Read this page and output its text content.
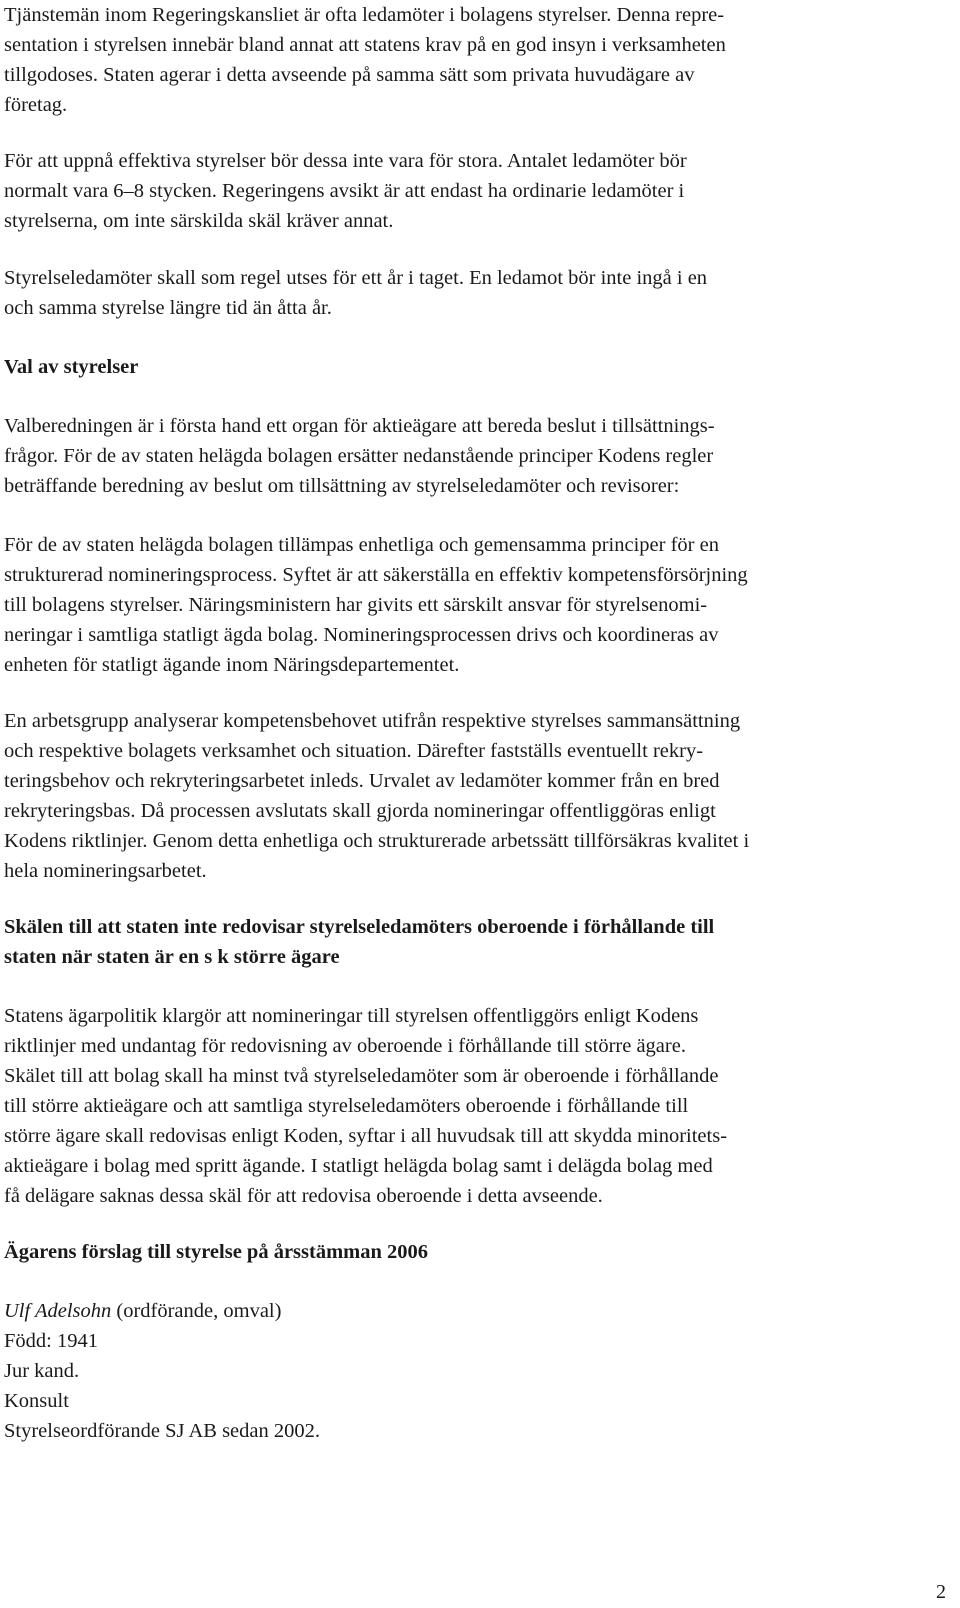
Tjänstemän inom Regeringskansliet är ofta ledamöter i bolagens styrelser. Denna repre-
sentation i styrelsen innebär bland annat att statens krav på en god insyn i verksamheten
tillgodoses. Staten agerar i detta avseende på samma sätt som privata huvudägare av
företag.
För att uppnå effektiva styrelser bör dessa inte vara för stora. Antalet ledamöter bör
normalt vara 6–8 stycken. Regeringens avsikt är att endast ha ordinarie ledamöter i
styrelserna, om inte särskilda skäl kräver annat.
Styrelseledamöter skall som regel utses för ett år i taget. En ledamot bör inte ingå i en
och samma styrelse längre tid än åtta år.
Val av styrelser
Valberedningen är i första hand ett organ för aktieägare att bereda beslut i tillsättnings-
frågor. För de av staten helägda bolagen ersätter nedanstående principer Kodens regler
beträffande beredning av beslut om tillsättning av styrelseledamöter och revisorer:
För de av staten helägda bolagen tillämpas enhetliga och gemensamma principer för en
strukturerad nomineringsprocess. Syftet är att säkerställa en effektiv kompetensförsörjning
till bolagens styrelser. Näringsministern har givits ett särskilt ansvar för styrelsenomi-
neringar i samtliga statligt ägda bolag. Nomineringsprocessen drivs och koordineras av
enheten för statligt ägande inom Näringsdepartementet.
En arbetsgrupp analyserar kompetensbehovet utifrån respektive styrelses sammansättning
och respektive bolagets verksamhet och situation. Därefter fastställs eventuellt rekry-
teringsbehov och rekryteringsarbetet inleds. Urvalet av ledamöter kommer från en bred
rekryteringsbas. Då processen avslutats skall gjorda nomineringar offentliggöras enligt
Kodens riktlinjer. Genom detta enhetliga och strukturerade arbetssätt tillförsäkras kvalitet i
hela nomineringsarbetet.
Skälen till att staten inte redovisar styrelseledamöters oberoende i förhållande till
staten när staten är en s k större ägare
Statens ägarpolitik klargör att nomineringar till styrelsen offentliggörs enligt Kodens
riktlinjer med undantag för redovisning av oberoende i förhållande till större ägare.
Skälet till att bolag skall ha minst två styrelseledamöter som är oberoende i förhållande
till större aktieägare och att samtliga styrelseledamöters oberoende i förhållande till
större ägare skall redovisas enligt Koden, syftar i all huvudsak till att skydda minoritets-
aktieägare i bolag med spritt ägande. I statligt helägda bolag samt i delägda bolag med
få delägare saknas dessa skäl för att redovisa oberoende i detta avseende.
Ägarens förslag till styrelse på årsstämman 2006
Ulf Adelsohn (ordförande, omval)
Född: 1941
Jur kand.
Konsult
Styrelseordförande SJ AB sedan 2002.
2
